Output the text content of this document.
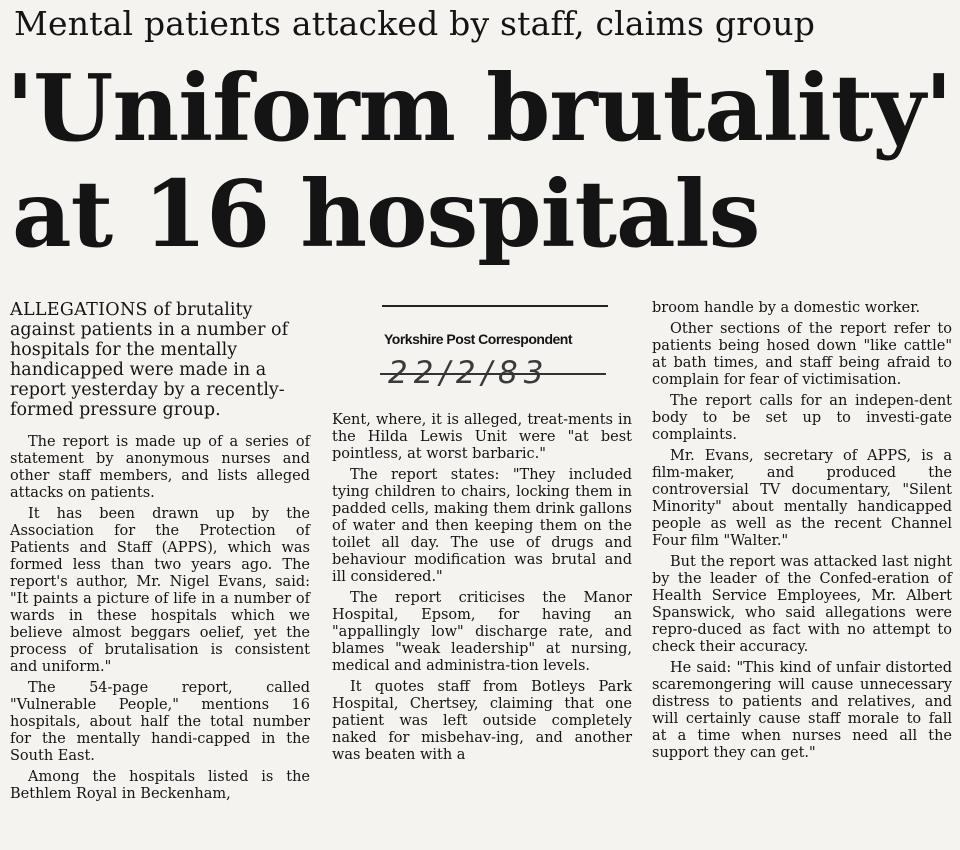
Mental patients attacked by staff, claims group
'Uniform brutality'
at 16 hospitals

ALLEGATIONS of brutality against patients in a number of hospitals for the mentally handicapped were made in a report yesterday by a recently-formed pressure group.

The report is made up of a series of statement by anonymous nurses and other staff members, and lists alleged attacks on patients.

It has been drawn up by the Association for the Protection of Patients and Staff (APPS), which was formed less than two years ago. The report's author, Mr. Nigel Evans, said: "It paints a picture of life in a number of wards in these hospitals which we believe almost beggars oelief, yet the process of brutalisation is consistent and uniform."

The 54-page report, called "Vulnerable People," mentions 16 hospitals, about half the total number for the mentally handi-capped in the South East.

Among the hospitals listed is the Bethlem Royal in Beckenham,

Yorkshire Post Correspondent
22/2/83

Kent, where, it is alleged, treat-ments in the Hilda Lewis Unit were "at best pointless, at worst barbaric."

The report states: "They included tying children to chairs, locking them in padded cells, making them drink gallons of water and then keeping them on the toilet all day. The use of drugs and behaviour modification was brutal and ill considered."

The report criticises the Manor Hospital, Epsom, for having an "appallingly low" discharge rate, and blames "weak leadership" at nursing, medical and administra-tion levels.

It quotes staff from Botleys Park Hospital, Chertsey, claiming that one patient was left outside completely naked for misbehav-ing, and another was beaten with a

broom handle by a domestic worker.

Other sections of the report refer to patients being hosed down "like cattle" at bath times, and staff being afraid to complain for fear of victimisation.

The report calls for an indepen-dent body to be set up to investi-gate complaints.

Mr. Evans, secretary of APPS, is a film-maker, and produced the controversial TV documentary, "Silent Minority" about mentally handicapped people as well as the recent Channel Four film "Walter."

But the report was attacked last night by the leader of the Confed-eration of Health Service Employees, Mr. Albert Spanswick, who said allegations were repro-duced as fact with no attempt to check their accuracy.

He said: "This kind of unfair distorted scaremongering will cause unnecessary distress to patients and relatives, and will certainly cause staff morale to fall at a time when nurses need all the support they can get."
